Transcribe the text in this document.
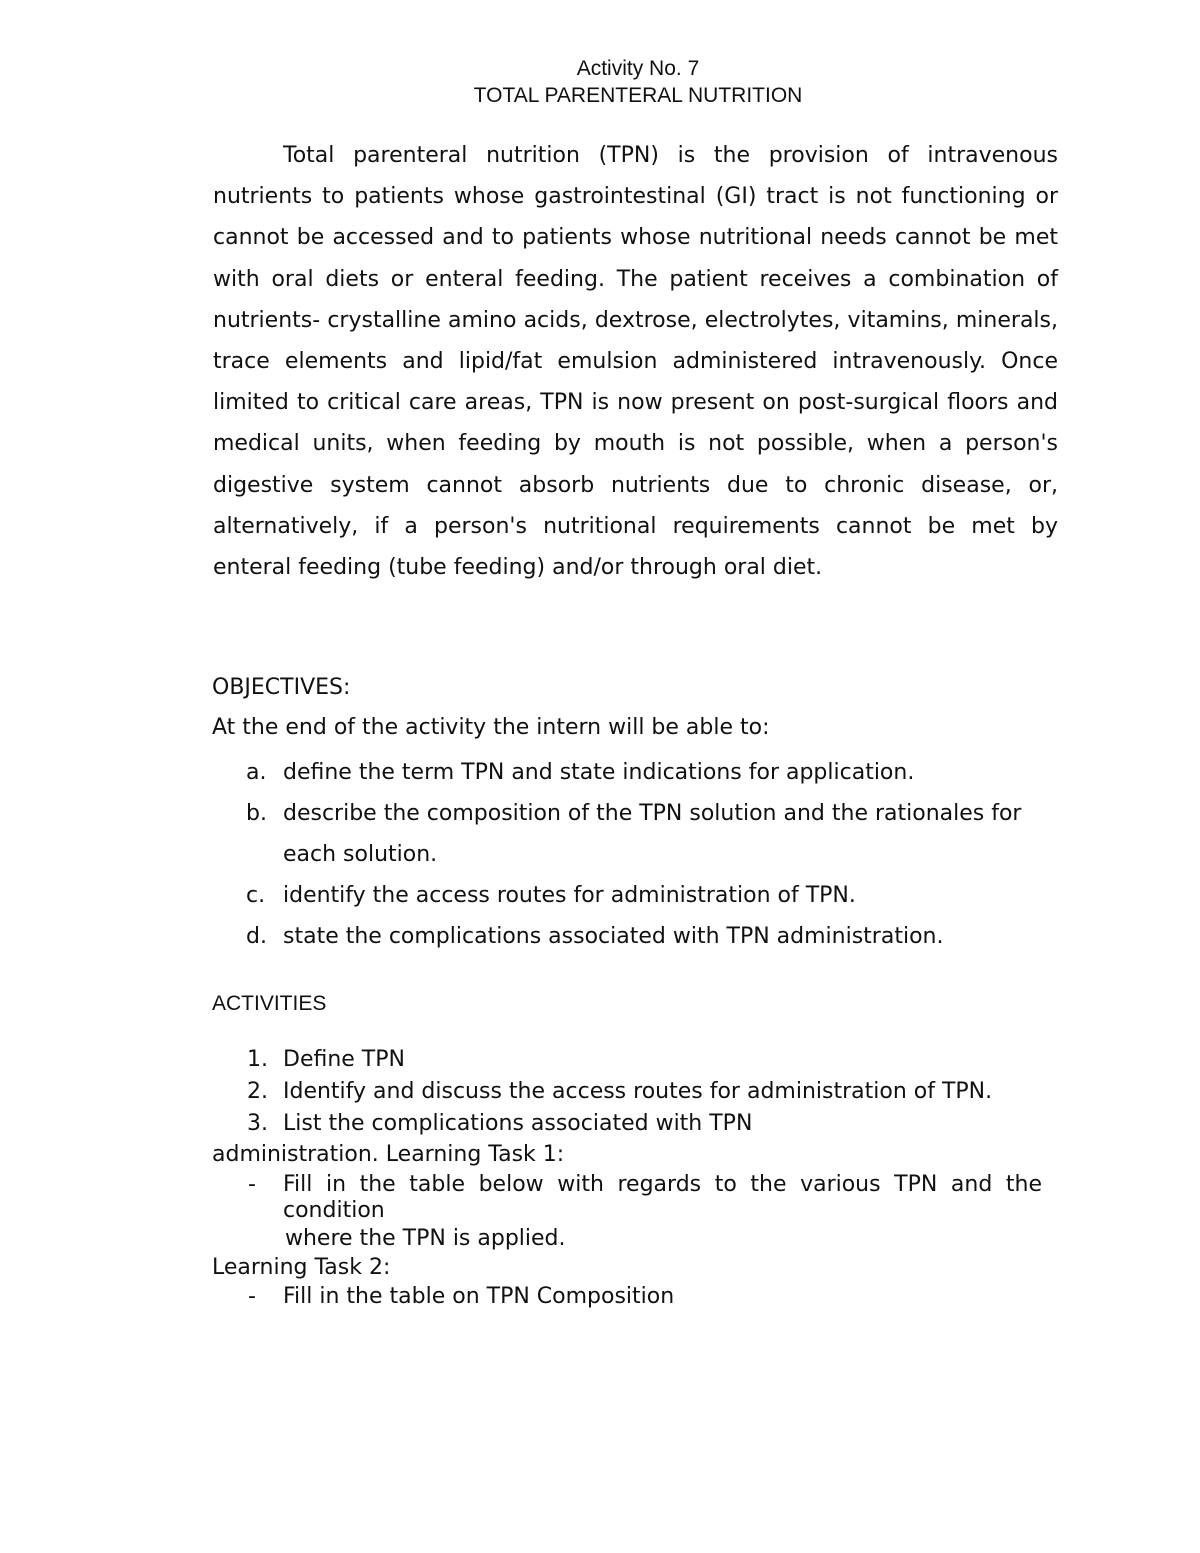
Activity No. 7
TOTAL PARENTERAL NUTRITION

Total parenteral nutrition (TPN) is the provision of intravenous nutrients to patients whose gastrointestinal (GI) tract is not functioning or cannot be accessed and to patients whose nutritional needs cannot be met with oral diets or enteral feeding. The patient receives a combination of nutrients- crystalline amino acids, dextrose, electrolytes, vitamins, minerals, trace elements and lipid/fat emulsion administered intravenously. Once limited to critical care areas, TPN is now present on post-surgical floors and medical units, when feeding by mouth is not possible, when a person's digestive system cannot absorb nutrients due to chronic disease, or, alternatively, if a person's nutritional requirements cannot be met by enteral feeding (tube feeding) and/or through oral diet.

OBJECTIVES:
At the end of the activity the intern will be able to:
a. define the term TPN and state indications for application.
b. describe the composition of the TPN solution and the rationales for each solution.
c. identify the access routes for administration of TPN.
d. state the complications associated with TPN administration.
ACTIVITIES
1. Define TPN
2. Identify and discuss the access routes for administration of TPN.
3. List the complications associated with TPN
administration. Learning Task 1:
- Fill in the table below with regards to the various TPN and the
condition
where the TPN is applied.
Learning Task 2:
- Fill in the table on TPN Composition
